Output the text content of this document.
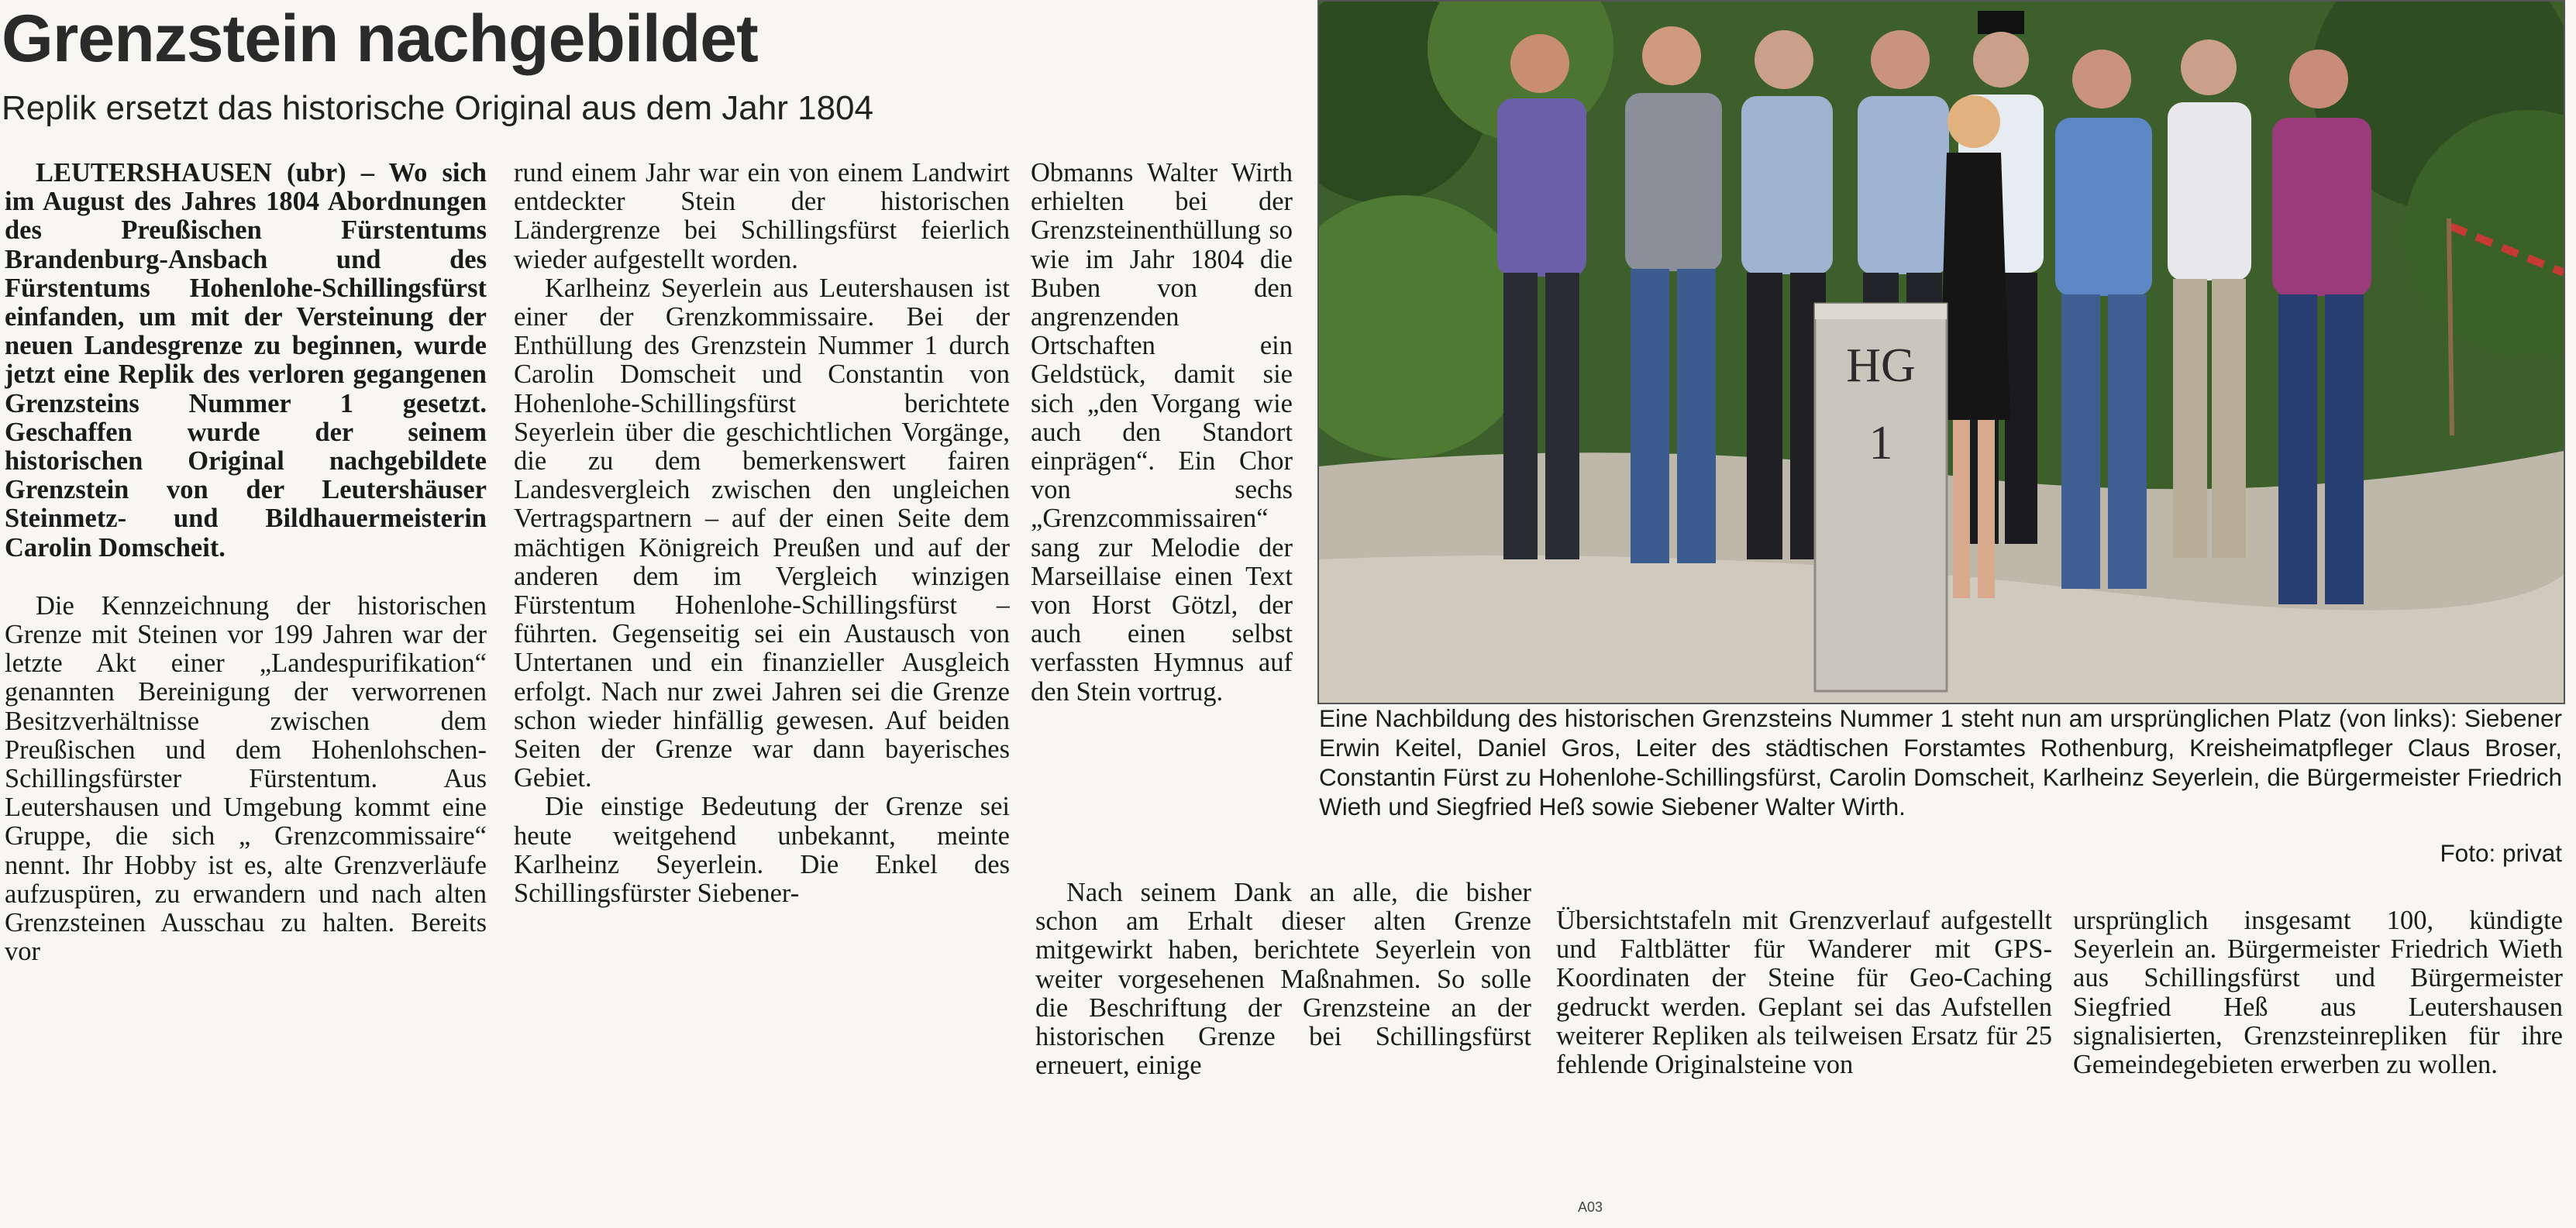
Grenzstein nachgebildet
Replik ersetzt das historische Original aus dem Jahr 1804

LEUTERSHAUSEN (ubr) – Wo sich im August des Jahres 1804 Abordnungen des Preußischen Fürstentums Brandenburg-Ansbach und des Fürstentums Hohenlohe-Schillingsfürst einfanden, um mit der Versteinung der neuen Landesgrenze zu beginnen, wurde jetzt eine Replik des verloren gegangenen Grenzsteins Nummer 1 gesetzt. Geschaffen wurde der seinem historischen Original nachgebildete Grenzstein von der Leutershäuser Steinmetz- und Bildhauermeisterin Carolin Domscheit.

Die Kennzeichnung der historischen Grenze mit Steinen vor 199 Jahren war der letzte Akt einer „Landespurifikation“ genannten Bereinigung der verworrenen Besitzverhältnisse zwischen dem Preußischen und dem Hohenlohschen-Schillingsfürster Fürstentum. Aus Leutershausen und Umgebung kommt eine Gruppe, die sich „ Grenzcommissaire“ nennt. Ihr Hobby ist es, alte Grenzverläufe aufzuspüren, zu erwandern und nach alten Grenzsteinen Ausschau zu halten. Bereits vor

rund einem Jahr war ein von einem Landwirt entdeckter Stein der historischen Ländergrenze bei Schillingsfürst feierlich wieder aufgestellt worden.

Karlheinz Seyerlein aus Leutershausen ist einer der Grenzkommissaire. Bei der Enthüllung des Grenzstein Nummer 1 durch Carolin Domscheit und Constantin von Hohenlohe-Schillingsfürst berichtete Seyerlein über die geschichtlichen Vorgänge, die zu dem bemerkenswert fairen Landesvergleich zwischen den ungleichen Vertragspartnern – auf der einen Seite dem mächtigen Königreich Preußen und auf der anderen dem im Vergleich winzigen Fürstentum Hohenlohe-Schillingsfürst – führten. Gegenseitig sei ein Austausch von Untertanen und ein finanzieller Ausgleich erfolgt. Nach nur zwei Jahren sei die Grenze schon wieder hinfällig gewesen. Auf beiden Seiten der Grenze war dann bayerisches Gebiet.

Die einstige Bedeutung der Grenze sei heute weitgehend unbekannt, meinte Karlheinz Seyerlein. Die Enkel des Schillingsfürster Siebener-

Obmanns Walter Wirth erhielten bei der Grenzsteinenthüllung so wie im Jahr 1804 die Buben von den angrenzenden Ortschaften ein Geldstück, damit sie sich „den Vorgang wie auch den Standort einprägen“. Ein Chor von sechs „Grenzcommissairen“ sang zur Melodie der Marseillaise einen Text von Horst Götzl, der auch einen selbst verfassten Hymnus auf den Stein vortrug.

Nach seinem Dank an alle, die bisher schon am Erhalt dieser alten Grenze mitgewirkt haben, berichtete Seyerlein von weiter vorgesehenen Maßnahmen. So solle die Beschriftung der Grenzsteine an der historischen Grenze bei Schillingsfürst erneuert, einige

Übersichtstafeln mit Grenzverlauf aufgestellt und Faltblätter für Wanderer mit GPS-Koordinaten der Steine für Geo-Caching gedruckt werden. Geplant sei das Aufstellen weiterer Repliken als teilweisen Ersatz für 25 fehlende Originalsteine von

ursprünglich insgesamt 100, kündigte Seyerlein an. Bürgermeister Friedrich Wieth aus Schillingsfürst und Bürgermeister Siegfried Heß aus Leutershausen signalisierten, Grenzsteinrepliken für ihre Gemeindegebieten erwerben zu wollen.

HG
1
Eine Nachbildung des historischen Grenzsteins Nummer 1 steht nun am ursprünglichen Platz (von links): Siebener Erwin Keitel, Daniel Gros, Leiter des städtischen Forstamtes Rothenburg, Kreisheimatpfleger Claus Broser, Constantin Fürst zu Hohenlohe-Schillingsfürst, Carolin Domscheit, Karlheinz Seyerlein, die Bürgermeister Friedrich Wieth und Siegfried Heß sowie Siebener Walter Wirth.
Foto: privat
A03
